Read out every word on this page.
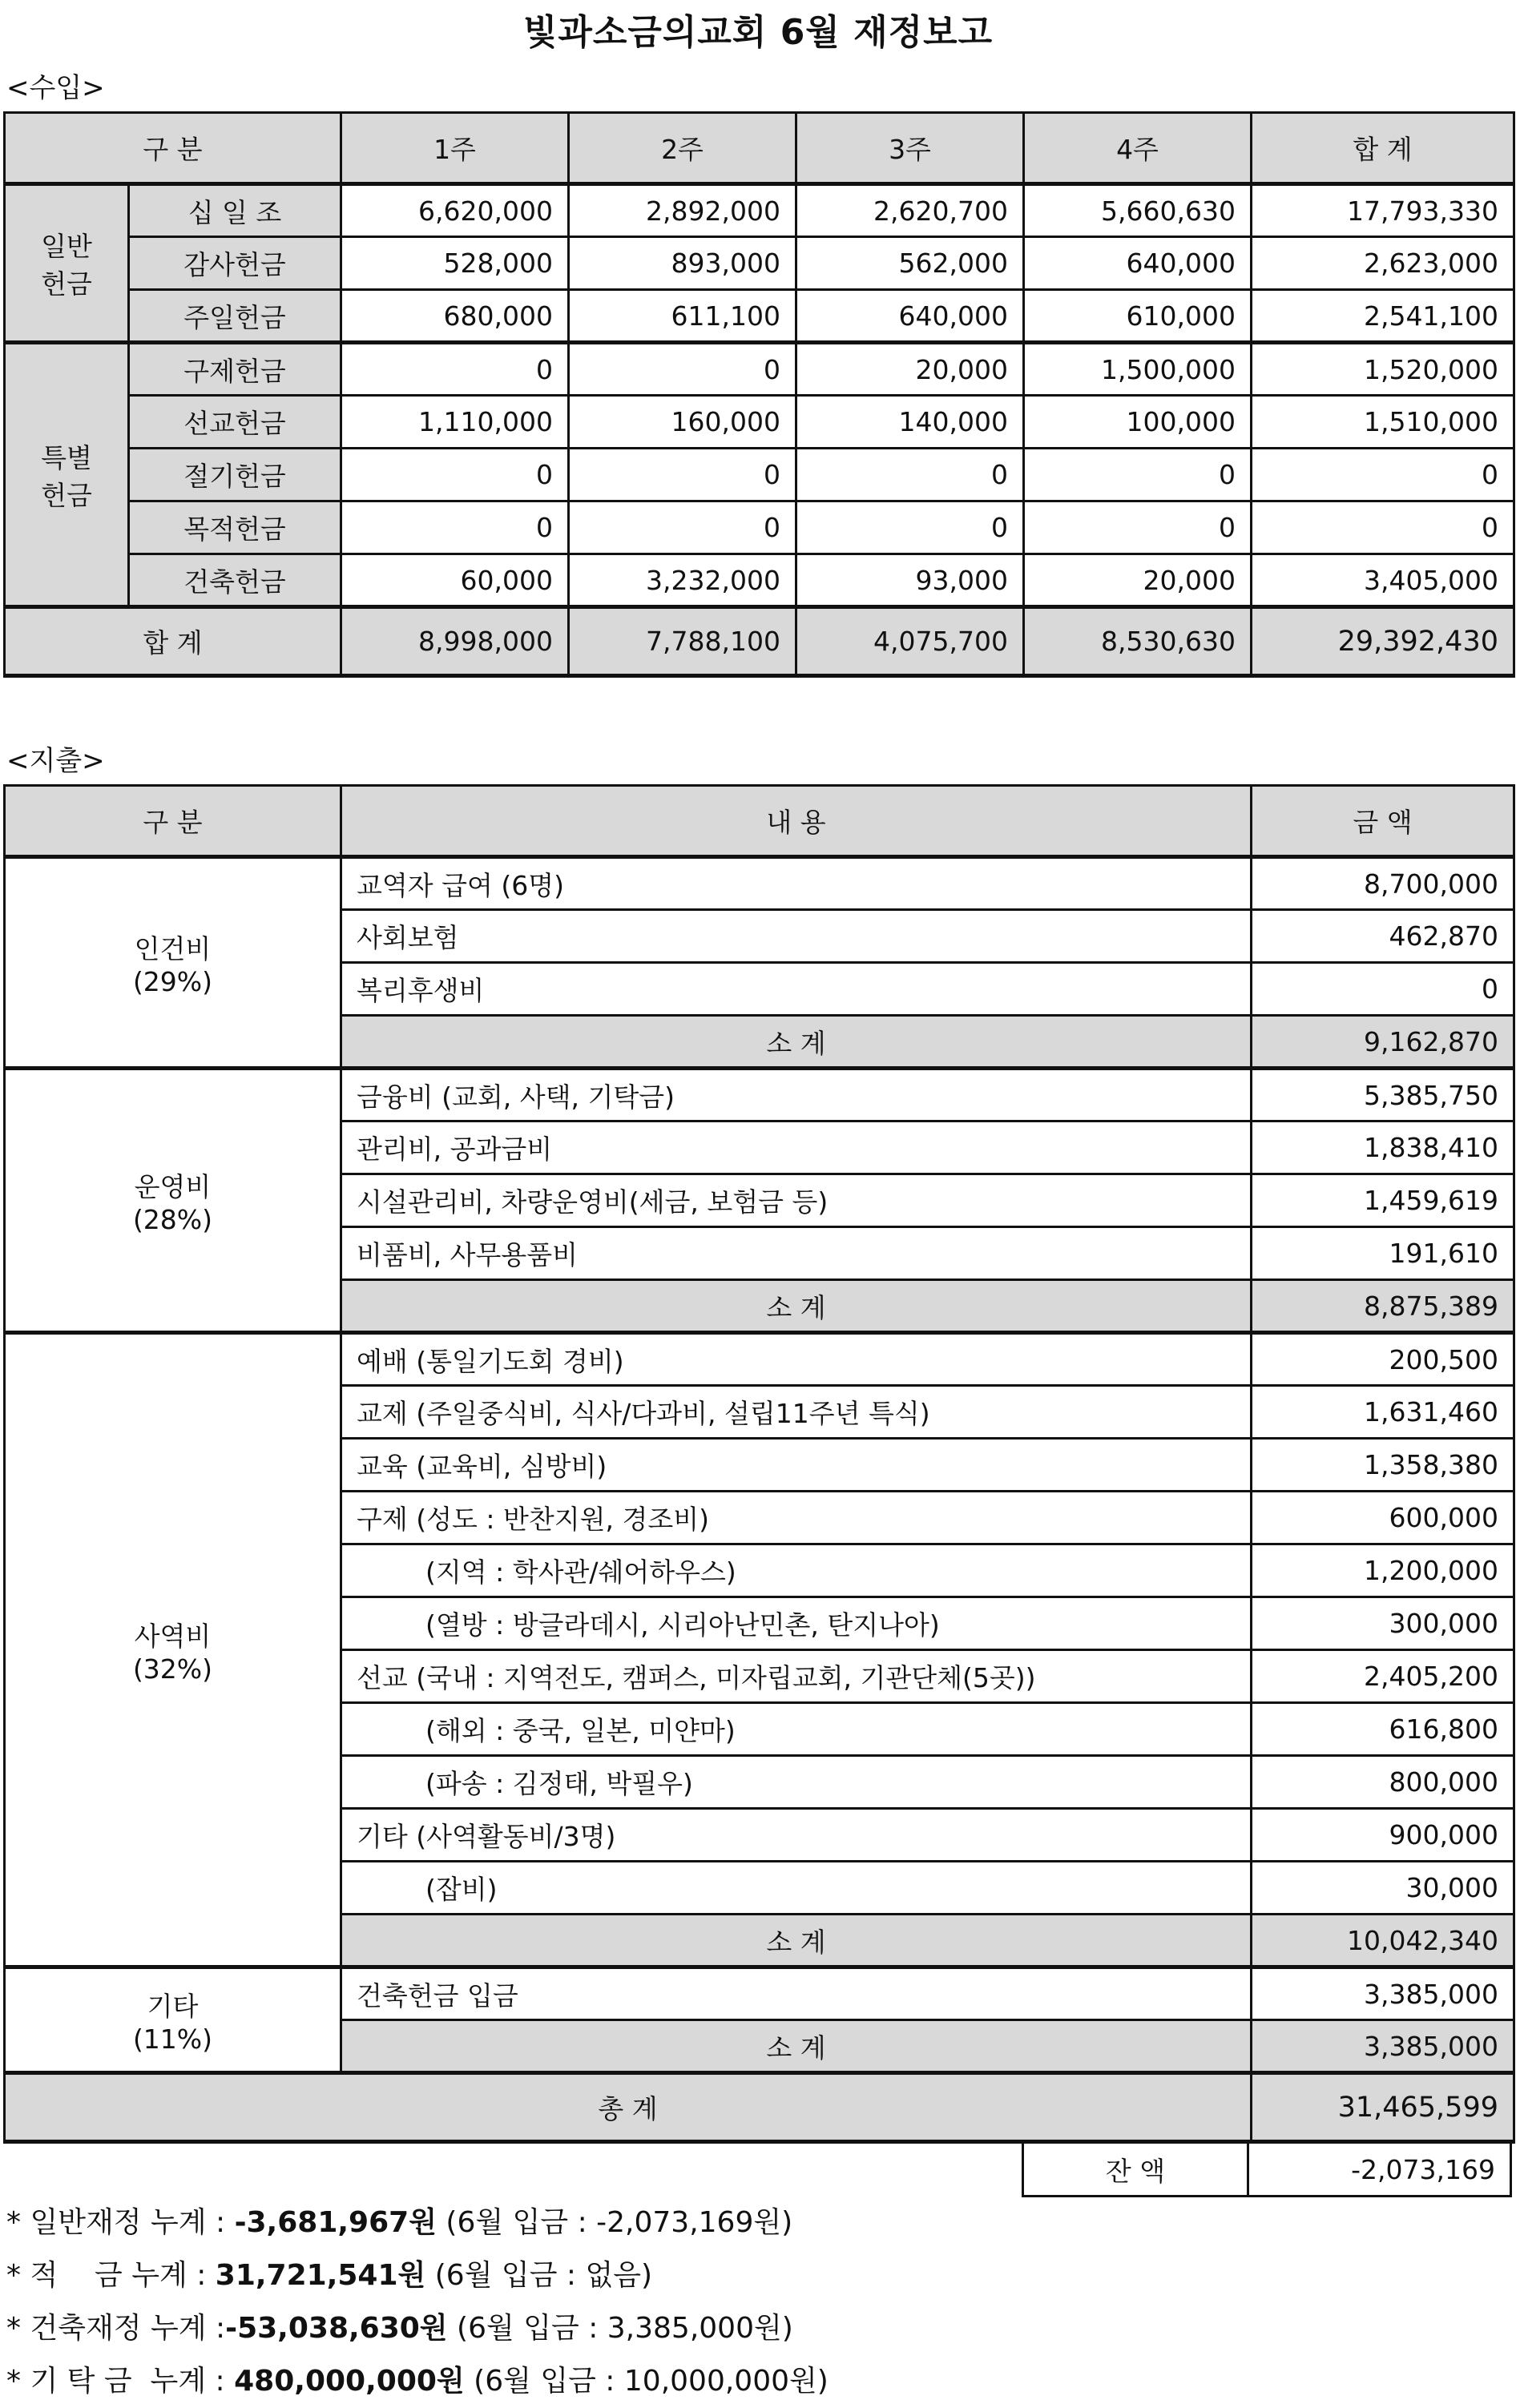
빛과소금의교회 6월 재정보고
<수입>
구 분		1주	2주	3주	4주	합 계
일반
헌금	십 일 조	6,620,000	2,892,000	2,620,700	5,660,630	17,793,330
	감사헌금	528,000	893,000	562,000	640,000	2,623,000
	주일헌금	680,000	611,100	640,000	610,000	2,541,100
특별
헌금	구제헌금	0	0	20,000	1,500,000	1,520,000
	선교헌금	1,110,000	160,000	140,000	100,000	1,510,000
	절기헌금	0	0	0	0	0
	목적헌금	0	0	0	0	0
	건축헌금	60,000	3,232,000	93,000	20,000	3,405,000
합 계		8,998,000	7,788,100	4,075,700	8,530,630	29,392,430
<지출>
구 분	내 용	금 액
인건비
(29%)	교역자 급여 (6명)	8,700,000
	사회보험	462,870
	복리후생비	0
	소 계	9,162,870
운영비
(28%)	금융비 (교회, 사택, 기탁금)	5,385,750
	관리비, 공과금비	1,838,410
	시설관리비, 차량운영비(세금, 보험금 등)	1,459,619
	비품비, 사무용품비	191,610
	소 계	8,875,389
사역비
(32%)	예배 (통일기도회 경비)	200,500
	교제 (주일중식비, 식사/다과비, 설립11주년 특식)	1,631,460
	교육 (교육비, 심방비)	1,358,380
	구제 (성도 : 반찬지원, 경조비)	600,000
	(지역 : 학사관/쉐어하우스)	1,200,000
	(열방 : 방글라데시, 시리아난민촌, 탄지나아)	300,000
	선교 (국내 : 지역전도, 캠퍼스, 미자립교회, 기관단체(5곳))	2,405,200
	(해외 : 중국, 일본, 미얀마)	616,800
	(파송 : 김정태, 박필우)	800,000
	기타 (사역활동비/3명)	900,000
	(잡비)	30,000
	소 계	10,042,340
기타
(11%)	건축헌금 입금	3,385,000
	소 계	3,385,000
총 계		31,465,599
잔 액	-2,073,169
* 일반재정 누계 : -3,681,967원 (6월 입금 : -2,073,169원)
* 적    금 누계 : 31,721,541원 (6월 입금 : 없음)
* 건축재정 누계 :-53,038,630원 (6월 입금 : 3,385,000원)
* 기 탁 금  누계 : 480,000,000원 (6월 입금 : 10,000,000원)
